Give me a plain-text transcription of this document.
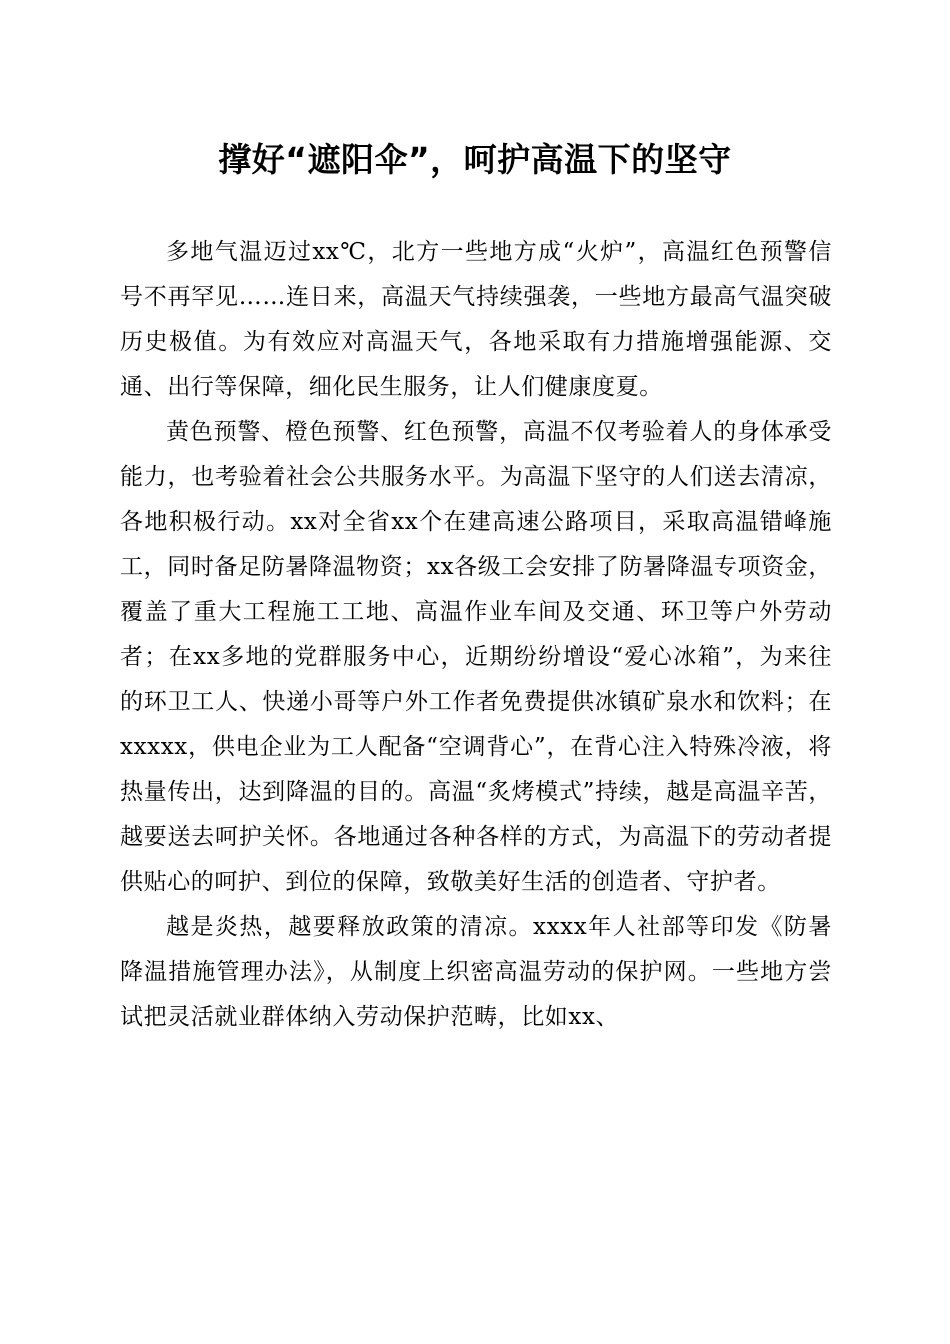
撑好“遮阳伞”，呵护高温下的坚守

多地气温迈过xx℃，北方一些地方成“火炉”，高温红色预警信号不再罕见……连日来，高温天气持续强袭，一些地方最高气温突破历史极值。为有效应对高温天气，各地采取有力措施增强能源、交通、出行等保障，细化民生服务，让人们健康度夏。

黄色预警、橙色预警、红色预警，高温不仅考验着人的身体承受能力，也考验着社会公共服务水平。为高温下坚守的人们送去清凉，各地积极行动。xx对全省xx个在建高速公路项目，采取高温错峰施工，同时备足防暑降温物资；xx各级工会安排了防暑降温专项资金，覆盖了重大工程施工工地、高温作业车间及交通、环卫等户外劳动者；在xx多地的党群服务中心，近期纷纷增设“爱心冰箱”，为来往的环卫工人、快递小哥等户外工作者免费提供冰镇矿泉水和饮料；在xxxxx，供电企业为工人配备“空调背心”，在背心注入特殊冷液，将热量传出，达到降温的目的。高温“炙烤模式”持续，越是高温辛苦，越要送去呵护关怀。各地通过各种各样的方式，为高温下的劳动者提供贴心的呵护、到位的保障，致敬美好生活的创造者、守护者。

越是炎热，越要释放政策的清凉。xxxx年人社部等印发《防暑降温措施管理办法》，从制度上织密高温劳动的保护网。一些地方尝试把灵活就业群体纳入劳动保护范畴，比如xx、
